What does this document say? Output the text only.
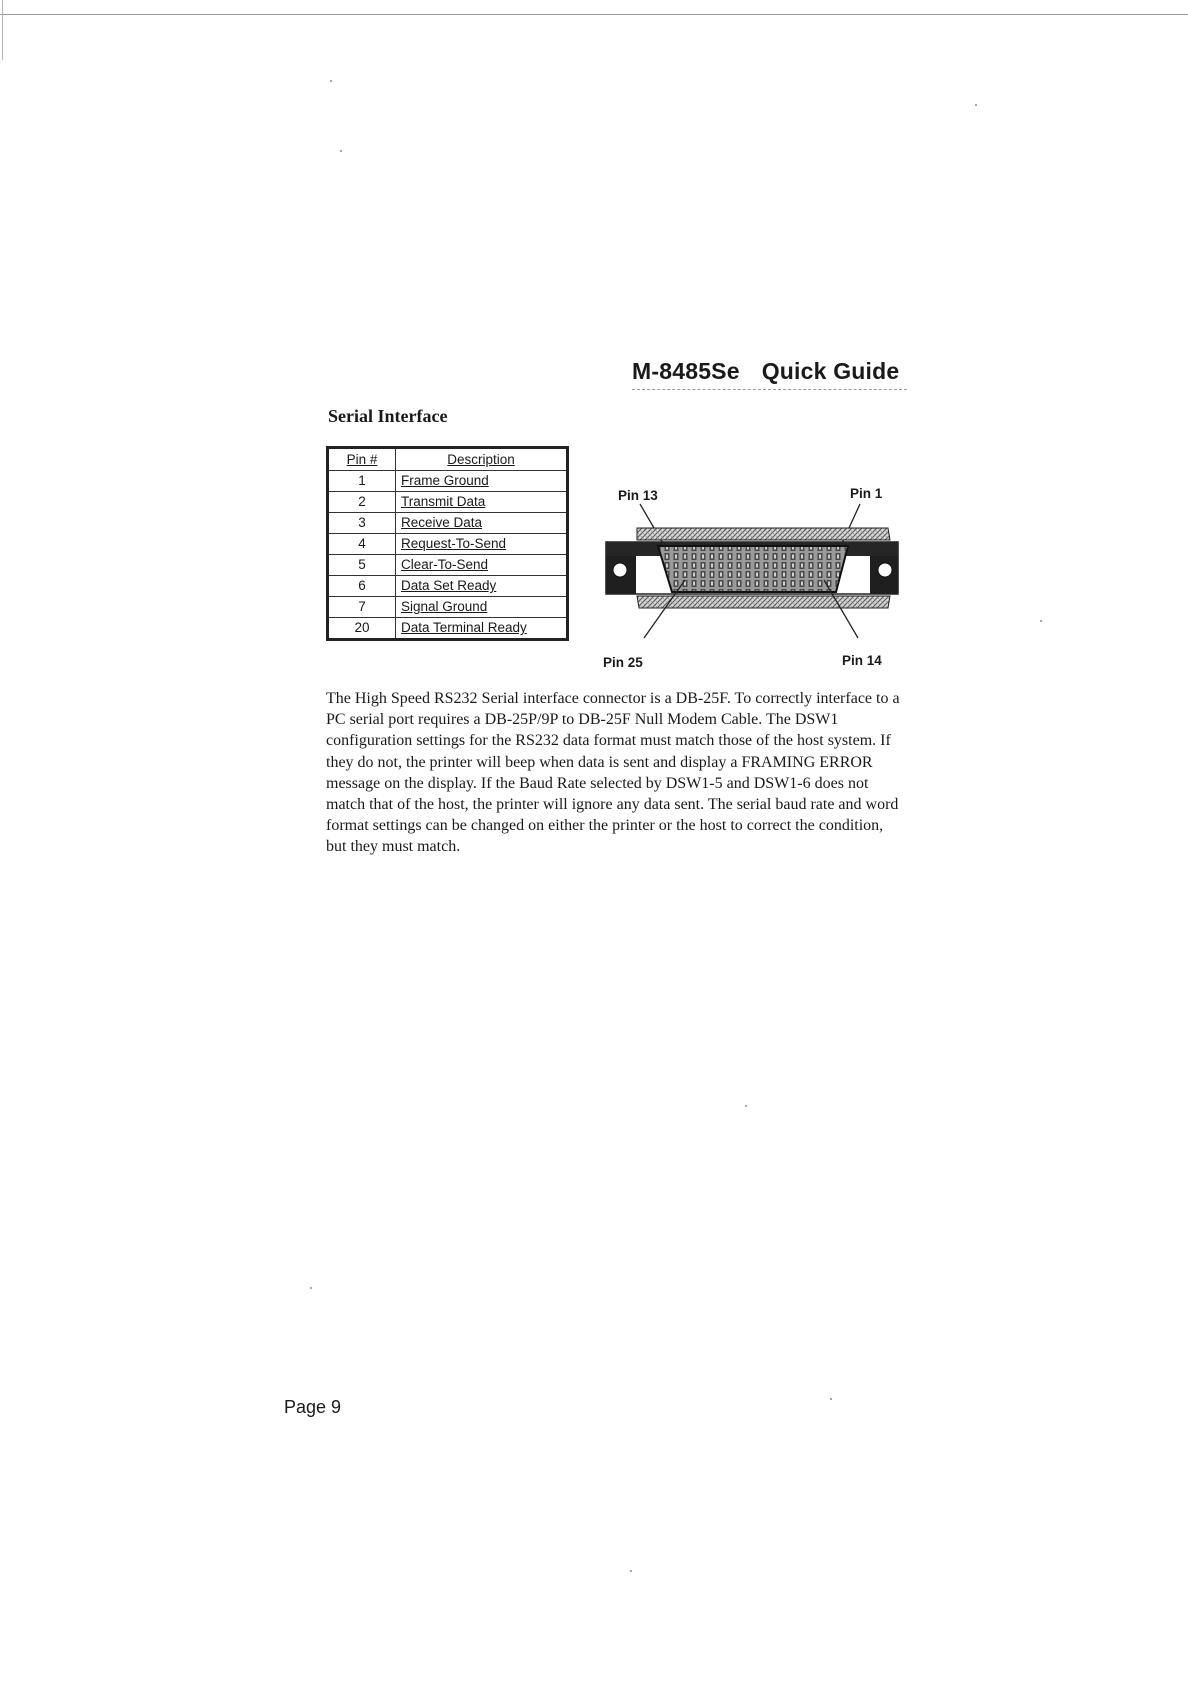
M-8485Se Quick Guide
Serial Interface
Pin #	Description
1	Frame Ground
2	Transmit Data
3	Receive Data
4	Request-To-Send
5	Clear-To-Send
6	Data Set Ready
7	Signal Ground
20	Data Terminal Ready
Pin 13	Pin 1
Pin 25	Pin 14
The High Speed RS232 Serial interface connector is a DB-25F. To correctly interface to a PC serial port requires a DB-25P/9P to DB-25F Null Modem Cable. The DSW1 configuration settings for the RS232 data format must match those of the host system. If they do not, the printer will beep when data is sent and display a FRAMING ERROR message on the display. If the Baud Rate selected by DSW1-5 and DSW1-6 does not match that of the host, the printer will ignore any data sent. The serial baud rate and word format settings can be changed on either the printer or the host to correct the condition, but they must match.
Page 9
